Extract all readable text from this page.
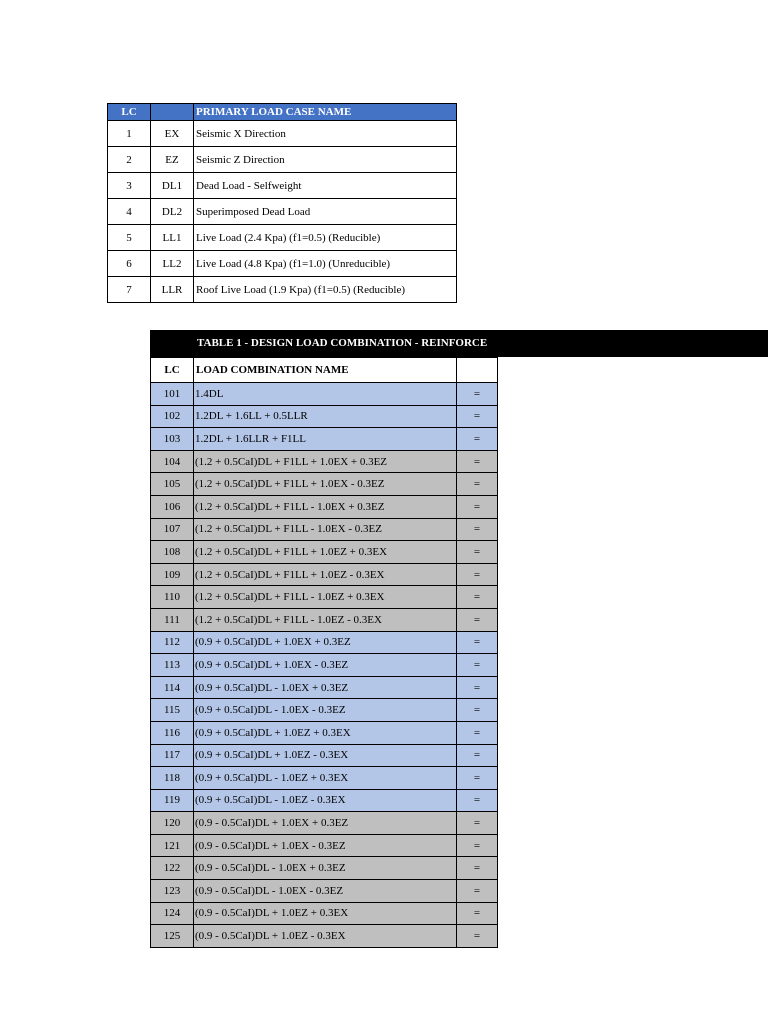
LC		PRIMARY LOAD CASE NAME
1	EX	Seismic X Direction
2	EZ	Seismic Z Direction
3	DL1	Dead Load - Selfweight
4	DL2	Superimposed Dead Load
5	LL1	Live Load (2.4 Kpa) (f1=0.5) (Reducible)
6	LL2	Live Load (4.8 Kpa) (f1=1.0) (Unreducible)
7	LLR	Roof Live Load (1.9 Kpa) (f1=0.5) (Reducible)
TABLE 1 - DESIGN LOAD COMBINATION - REINFORCE
LC	LOAD COMBINATION NAME	
101	1.4DL	=
102	1.2DL + 1.6LL + 0.5LLR	=
103	1.2DL + 1.6LLR + F1LL	=
104	(1.2 + 0.5CaI)DL + F1LL + 1.0EX + 0.3EZ	=
105	(1.2 + 0.5CaI)DL + F1LL + 1.0EX - 0.3EZ	=
106	(1.2 + 0.5CaI)DL + F1LL - 1.0EX + 0.3EZ	=
107	(1.2 + 0.5CaI)DL + F1LL - 1.0EX - 0.3EZ	=
108	(1.2 + 0.5CaI)DL + F1LL + 1.0EZ + 0.3EX	=
109	(1.2 + 0.5CaI)DL + F1LL + 1.0EZ - 0.3EX	=
110	(1.2 + 0.5CaI)DL + F1LL - 1.0EZ + 0.3EX	=
111	(1.2 + 0.5CaI)DL + F1LL - 1.0EZ - 0.3EX	=
112	(0.9 + 0.5CaI)DL + 1.0EX + 0.3EZ	=
113	(0.9 + 0.5CaI)DL + 1.0EX - 0.3EZ	=
114	(0.9 + 0.5CaI)DL - 1.0EX + 0.3EZ	=
115	(0.9 + 0.5CaI)DL - 1.0EX - 0.3EZ	=
116	(0.9 + 0.5CaI)DL + 1.0EZ + 0.3EX	=
117	(0.9 + 0.5CaI)DL + 1.0EZ - 0.3EX	=
118	(0.9 + 0.5CaI)DL - 1.0EZ + 0.3EX	=
119	(0.9 + 0.5CaI)DL - 1.0EZ - 0.3EX	=
120	(0.9 - 0.5CaI)DL + 1.0EX + 0.3EZ	=
121	(0.9 - 0.5CaI)DL + 1.0EX - 0.3EZ	=
122	(0.9 - 0.5CaI)DL - 1.0EX + 0.3EZ	=
123	(0.9 - 0.5CaI)DL - 1.0EX - 0.3EZ	=
124	(0.9 - 0.5CaI)DL + 1.0EZ + 0.3EX	=
125	(0.9 - 0.5CaI)DL + 1.0EZ - 0.3EX	=
